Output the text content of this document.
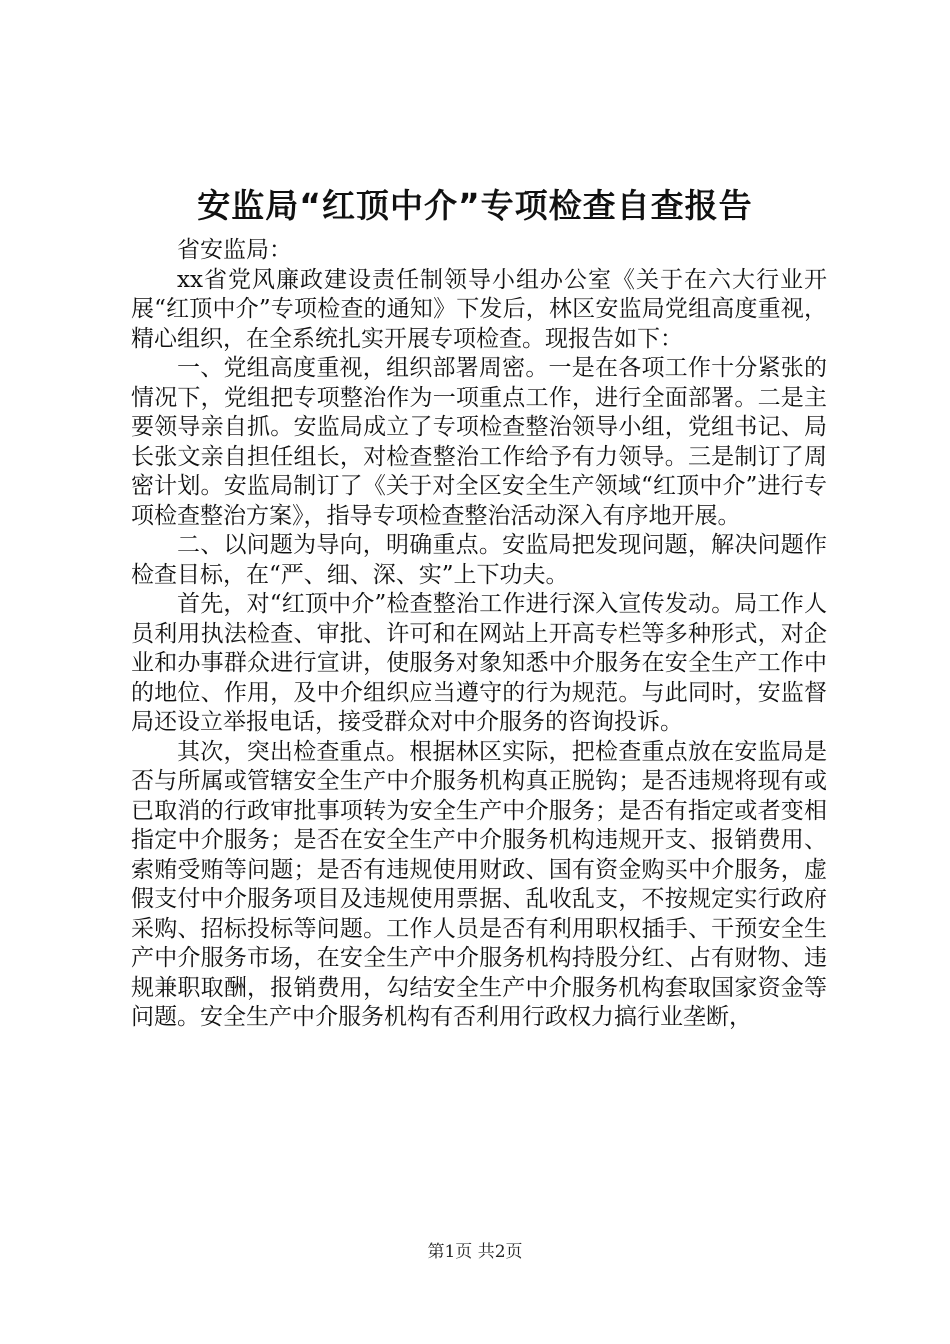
安监局“红顶中介”专项检查自查报告

省安监局：

xx省党风廉政建设责任制领导小组办公室《关于在六大行业开展“红顶中介”专项检查的通知》下发后，林区安监局党组高度重视，精心组织，在全系统扎实开展专项检查。现报告如下：

一、党组高度重视，组织部署周密。一是在各项工作十分紧张的情况下，党组把专项整治作为一项重点工作，进行全面部署。二是主要领导亲自抓。安监局成立了专项检查整治领导小组，党组书记、局长张文亲自担任组长，对检查整治工作给予有力领导。三是制订了周密计划。安监局制订了《关于对全区安全生产领域“红顶中介”进行专项检查整治方案》，指导专项检查整治活动深入有序地开展。

二、以问题为导向，明确重点。安监局把发现问题，解决问题作检查目标，在“严、细、深、实”上下功夫。

首先，对“红顶中介”检查整治工作进行深入宣传发动。局工作人员利用执法检查、审批、许可和在网站上开高专栏等多种形式，对企业和办事群众进行宣讲，使服务对象知悉中介服务在安全生产工作中的地位、作用，及中介组织应当遵守的行为规范。与此同时，安监督局还设立举报电话，接受群众对中介服务的咨询投诉。

其次，突出检查重点。根据林区实际，把检查重点放在安监局是否与所属或管辖安全生产中介服务机构真正脱钩；是否违规将现有或已取消的行政审批事项转为安全生产中介服务；是否有指定或者变相指定中介服务；是否在安全生产中介服务机构违规开支、报销费用、索贿受贿等问题；是否有违规使用财政、国有资金购买中介服务，虚假支付中介服务项目及违规使用票据、乱收乱支，不按规定实行政府采购、招标投标等问题。工作人员是否有利用职权插手、干预安全生产中介服务市场，在安全生产中介服务机构持股分红、占有财物、违规兼职取酬，报销费用，勾结安全生产中介服务机构套取国家资金等问题。安全生产中介服务机构有否利用行政权力搞行业垄断，

第1页 共2页
